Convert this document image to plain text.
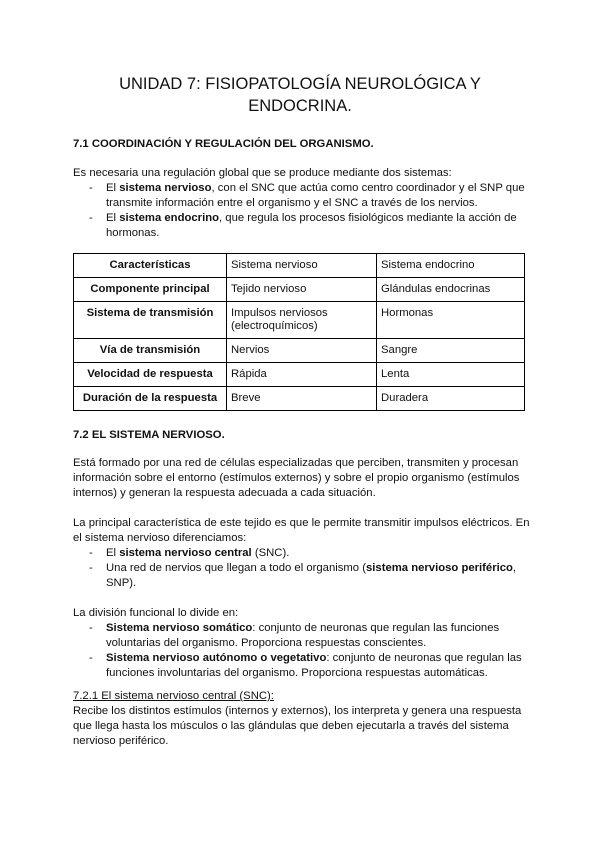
UNIDAD 7: FISIOPATOLOGÍA NEUROLÓGICA Y
ENDOCRINA.

7.1 COORDINACIÓN Y REGULACIÓN DEL ORGANISMO.

Es necesaria una regulación global que se produce mediante dos sistemas:

- El sistema nervioso, con el SNC que actúa como centro coordinador y el SNP que transmite información entre el organismo y el SNC a través de los nervios.
- El sistema endocrino, que regula los procesos fisiológicos mediante la acción de hormonas.
Características	Sistema nervioso	Sistema endocrino
Componente principal	Tejido nervioso	Glándulas endocrinas
Sistema de transmisión	Impulsos nerviosos (electroquímicos)	Hormonas
Vía de transmisión	Nervios	Sangre
Velocidad de respuesta	Rápida	Lenta
Duración de la respuesta	Breve	Duradera

7.2 EL SISTEMA NERVIOSO.

Está formado por una red de células especializadas que perciben, transmiten y procesan información sobre el entorno (estímulos externos) y sobre el propio organismo (estímulos internos) y generan la respuesta adecuada a cada situación.

La principal característica de este tejido es que le permite transmitir impulsos eléctricos. En el sistema nervioso diferenciamos:

- El sistema nervioso central (SNC).
- Una red de nervios que llegan a todo el organismo (sistema nervioso periférico, SNP).

La división funcional lo divide en:

- Sistema nervioso somático: conjunto de neuronas que regulan las funciones voluntarias del organismo. Proporciona respuestas conscientes.
- Sistema nervioso autónomo o vegetativo: conjunto de neuronas que regulan las funciones involuntarias del organismo. Proporciona respuestas automáticas.

7.2.1 El sistema nervioso central (SNC):

Recibe los distintos estímulos (internos y externos), los interpreta y genera una respuesta que llega hasta los músculos o las glándulas que deben ejecutarla a través del sistema nervioso periférico.
